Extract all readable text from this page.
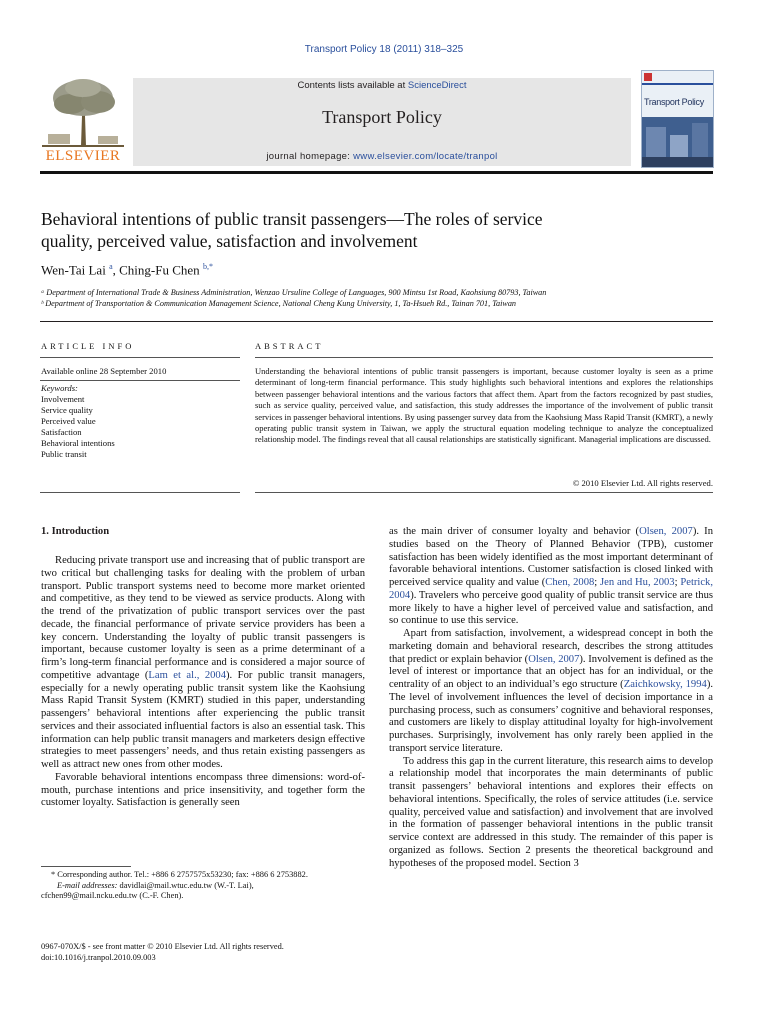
Transport Policy 18 (2011) 318–325
ELSEVIER
Contents lists available at ScienceDirect
Transport Policy
journal homepage: www.elsevier.com/locate/tranpol
Transport Policy
Behavioral intentions of public transit passengers—The roles of service
quality, perceived value, satisfaction and involvement
Wen-Tai Lai $^a$, Ching-Fu Chen $^{b,*}$
ᵃ Department of International Trade & Business Administration, Wenzao Ursuline College of Languages, 900 Mintsu 1st Road, Kaohsiung 80793, Taiwan
ᵇ Department of Transportation & Communication Management Science, National Cheng Kung University, 1, Ta-Hsueh Rd., Tainan 701, Taiwan
ARTICLE INFO
Available online 28 September 2010
Keywords:
Involvement
Service quality
Perceived value
Satisfaction
Behavioral intentions
Public transit
ABSTRACT
Understanding the behavioral intentions of public transit passengers is important, because customer loyalty is seen as a prime determinant of long-term financial performance. This study highlights such behavioral intentions and explores the relationships between passenger behavioral intentions and the various factors that affect them. Apart from the factors recognized by past studies, such as service quality, perceived value, and satisfaction, this study addresses the importance of the involvement of public transit services in passenger behavioral intentions. By using passenger survey data from the Kaohsiung Mass Rapid Transit (KMRT), a newly operating public transit system in Taiwan, we apply the structural equation modeling technique to analyze the conceptualized relationship model. The findings reveal that all causal relationships are statistically significant. Managerial implications are discussed.
© 2010 Elsevier Ltd. All rights reserved.
1. Introduction

Reducing private transport use and increasing that of public transport are two critical but challenging tasks for dealing with the problem of urban transport. Public transport systems need to become more market oriented and competitive, as they tend to be viewed as service products. Along with the trend of the privatization of public transport services over the past decade, the financial performance of private service providers has been a key concern. Understanding the loyalty of public transit passengers is important, because customer loyalty is seen as a prime determinant of a firm’s long-term financial performance and is considered a major source of competitive advantage (Lam et al., 2004). For public transit managers, especially for a newly operating public transit system like the Kaohsiung Mass Rapid Transit System (KMRT) studied in this paper, understanding passengers’ behavioral intentions after experiencing the public transit services and their associated influential factors is also an essential task. This information can help public transit managers and marketers design effective strategies to meet passengers’ needs, and thus retain existing passengers as well as attract new ones from other modes.

Favorable behavioral intentions encompass three dimensions: word-of-mouth, purchase intentions and price insensitivity, and together form the customer loyalty. Satisfaction is generally seen

* Corresponding author. Tel.: +886 6 2757575x53230; fax: +886 6 2753882.
E-mail addresses: davidlai@mail.wtuc.edu.tw (W.-T. Lai),
cfchen99@mail.ncku.edu.tw (C.-F. Chen).
0967-070X/$ - see front matter © 2010 Elsevier Ltd. All rights reserved.
doi:10.1016/j.tranpol.2010.09.003

as the main driver of consumer loyalty and behavior (Olsen, 2007). In studies based on the Theory of Planned Behavior (TPB), customer satisfaction has been widely identified as the most important determinant of favorable behavioral intentions. Customer satisfaction is closed linked with perceived service quality and value (Chen, 2008; Jen and Hu, 2003; Petrick, 2004). Travelers who perceive good quality of public transit service are thus more likely to have a higher level of perceived value and satisfaction, and so continue to use this service.

Apart from satisfaction, involvement, a widespread concept in both the marketing domain and behavioral research, describes the strong attitudes that predict or explain behavior (Olsen, 2007). Involvement is defined as the level of interest or importance that an object has for an individual, or the centrality of an object to an individual’s ego structure (Zaichkowsky, 1994). The level of involvement influences the level of decision importance in a purchasing process, such as consumers’ cognitive and behavioral responses, and customers are likely to display attitudinal loyalty for high-involvement purchases. Surprisingly, involvement has only rarely been applied in the transport service literature.

To address this gap in the current literature, this research aims to develop a relationship model that incorporates the main determinants of public transit passengers’ behavioral intentions and explores their effects on behavioral intentions. Specifically, the roles of service attitudes (i.e. service quality, perceived value and satisfaction) and involvement that are involved in the formation of passenger behavioral intentions in the public transit service context are addressed in this study. The remainder of this paper is organized as follows. Section 2 presents the theoretical background and hypotheses of the proposed model. Section 3
